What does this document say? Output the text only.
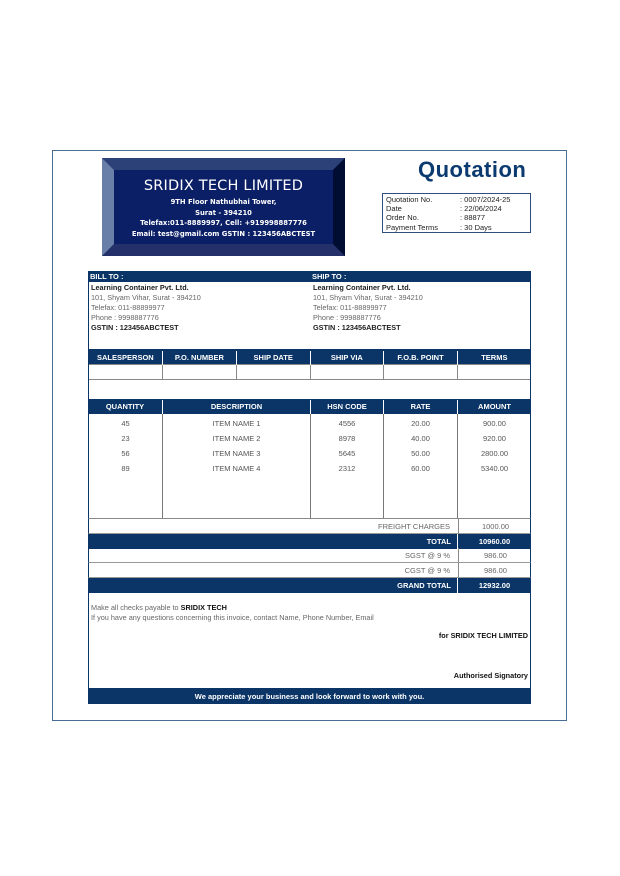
SRIDIX TECH LIMITED
9TH Floor Nathubhai Tower,
Surat - 394210
Telefax:011-8889997, Cell: +919998887776
Email: test@gmail.com GSTIN : 123456ABCTEST
Quotation
Quotation No.	: 0007/2024-25
Date	: 22/06/2024
Order No.	: 88877
Payment Terms	: 30 Days
BILL TO :	SHIP TO :
Learning Container Pvt. Ltd.
101, Shyam Vihar, Surat - 394210
Telefax: 011-88899977
Phone : 9998887776
GSTIN : 123456ABCTEST
Learning Container Pvt. Ltd.
101, Shyam Vihar, Surat - 394210
Telefax: 011-88899977
Phone : 9998887776
GSTIN : 123456ABCTEST
SALESPERSON	P.O. NUMBER	SHIP DATE	SHIP VIA	F.O.B. POINT	TERMS

QUANTITY	DESCRIPTION	HSN CODE	RATE	AMOUNT
45	ITEM NAME 1	4556	20.00	900.00
23	ITEM NAME 2	8978	40.00	920.00
56	ITEM NAME 3	5645	50.00	2800.00
89	ITEM NAME 4	2312	60.00	5340.00
FREIGHT CHARGES	1000.00
TOTAL	10960.00
SGST @ 9 %	986.00
CGST @ 9 %	986.00
GRAND TOTAL	12932.00
Make all checks payable to SRIDIX TECH
If you have any questions concerning this invoice, contact Name, Phone Number, Email
for SRIDIX TECH LIMITED
Authorised Signatory
We appreciate your business and look forward to work with you.
